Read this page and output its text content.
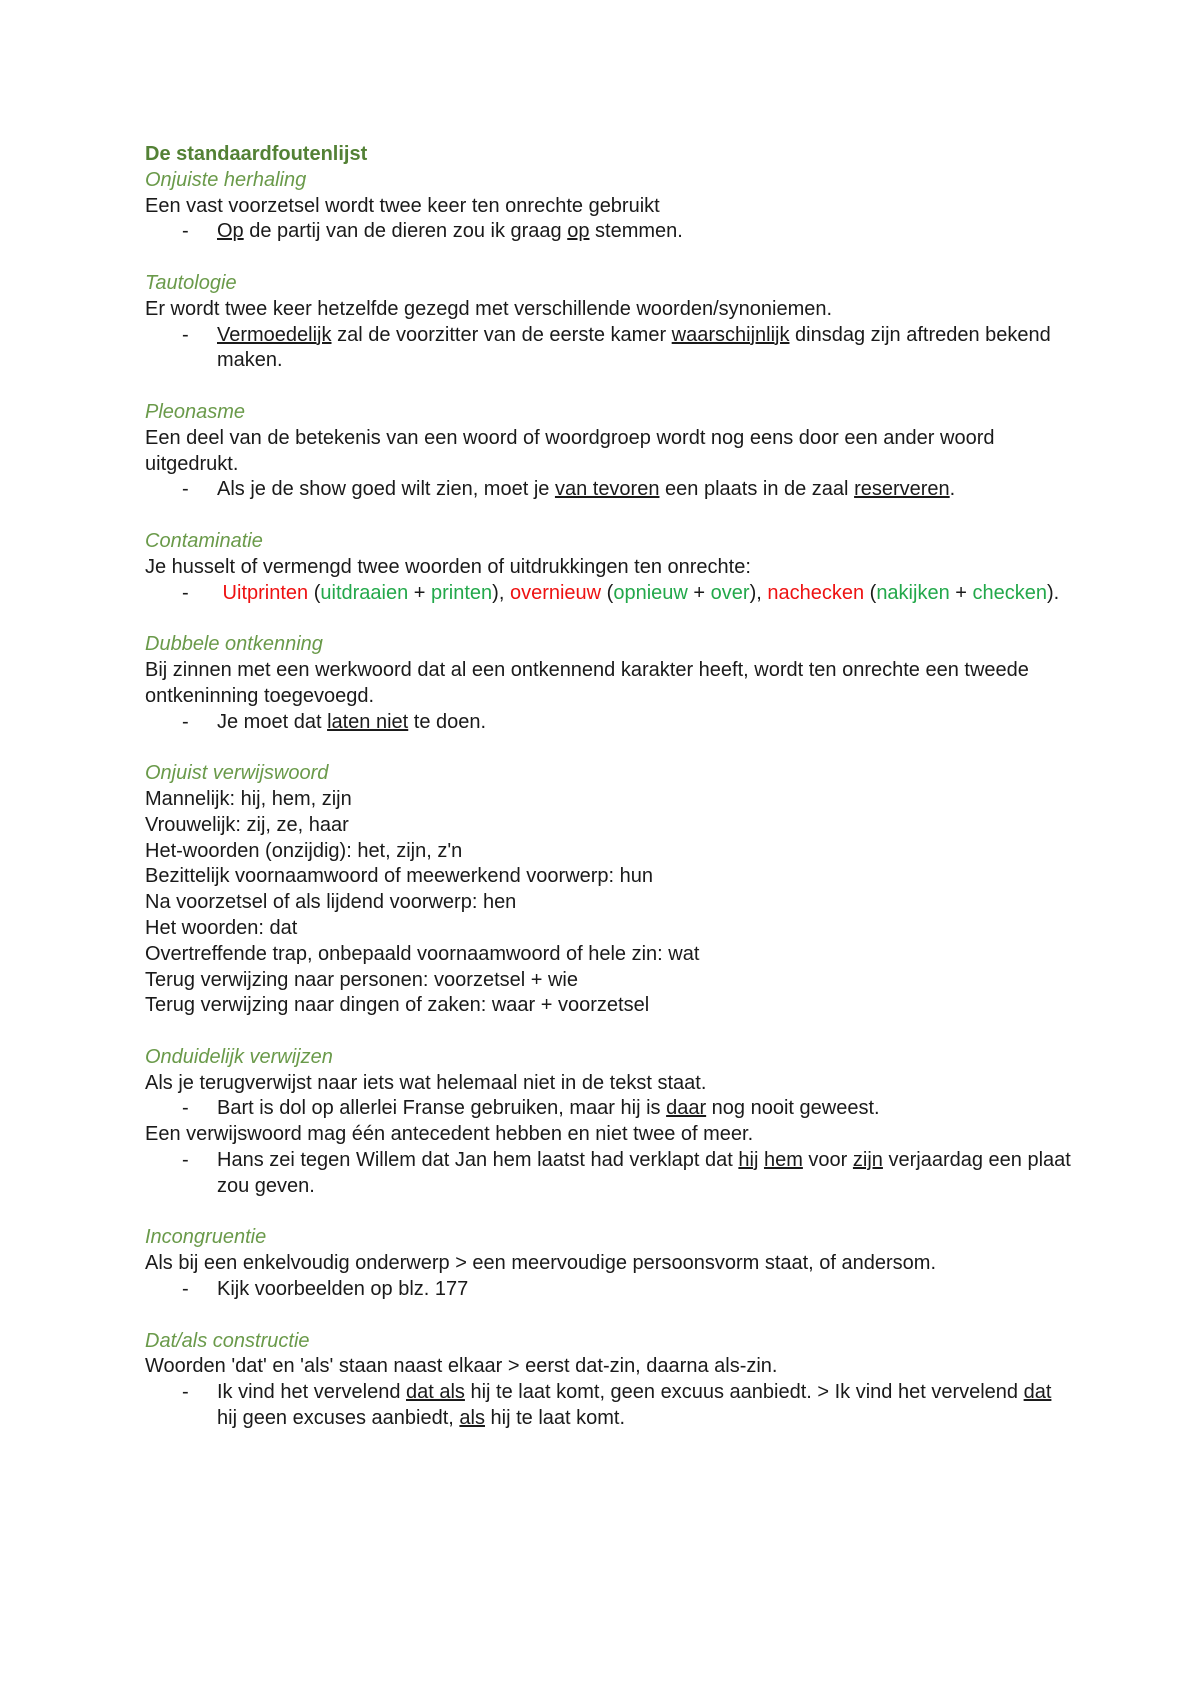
De standaardfoutenlijst

Onjuiste herhaling

Een vast voorzetsel wordt twee keer ten onrechte gebruikt

- Op de partij van de dieren zou ik graag op stemmen.

Tautologie

Er wordt twee keer hetzelfde gezegd met verschillende woorden/synoniemen.

- Vermoedelijk zal de voorzitter van de eerste kamer waarschijnlijk dinsdag zijn aftreden bekend maken.

Pleonasme

Een deel van de betekenis van een woord of woordgroep wordt nog eens door een ander woord uitgedrukt.

- Als je de show goed wilt zien, moet je van tevoren een plaats in de zaal reserveren.

Contaminatie

Je husselt of vermengd twee woorden of uitdrukkingen ten onrechte:

- Uitprinten (uitdraaien + printen), overnieuw (opnieuw + over), nachecken (nakijken + checken).

Dubbele ontkenning

Bij zinnen met een werkwoord dat al een ontkennend karakter heeft, wordt ten onrechte een tweede ontkeninning toegevoegd.

- Je moet dat laten niet te doen.

Onjuist verwijswoord

Mannelijk: hij, hem, zijn

Vrouwelijk: zij, ze, haar

Het-woorden (onzijdig): het, zijn, z'n

Bezittelijk voornaamwoord of meewerkend voorwerp: hun

Na voorzetsel of als lijdend voorwerp: hen

Het woorden: dat

Overtreffende trap, onbepaald voornaamwoord of hele zin: wat

Terug verwijzing naar personen: voorzetsel + wie

Terug verwijzing naar dingen of zaken: waar + voorzetsel

Onduidelijk verwijzen

Als je terugverwijst naar iets wat helemaal niet in de tekst staat.

- Bart is dol op allerlei Franse gebruiken, maar hij is daar nog nooit geweest.

Een verwijswoord mag één antecedent hebben en niet twee of meer.

- Hans zei tegen Willem dat Jan hem laatst had verklapt dat hij hem voor zijn verjaardag een plaat zou geven.

Incongruentie

Als bij een enkelvoudig onderwerp > een meervoudige persoonsvorm staat, of andersom.

- Kijk voorbeelden op blz. 177

Dat/als constructie

Woorden 'dat' en 'als' staan naast elkaar > eerst dat-zin, daarna als-zin.

- Ik vind het vervelend dat als hij te laat komt, geen excuus aanbiedt. > Ik vind het vervelend dat hij geen excuses aanbiedt, als hij te laat komt.
